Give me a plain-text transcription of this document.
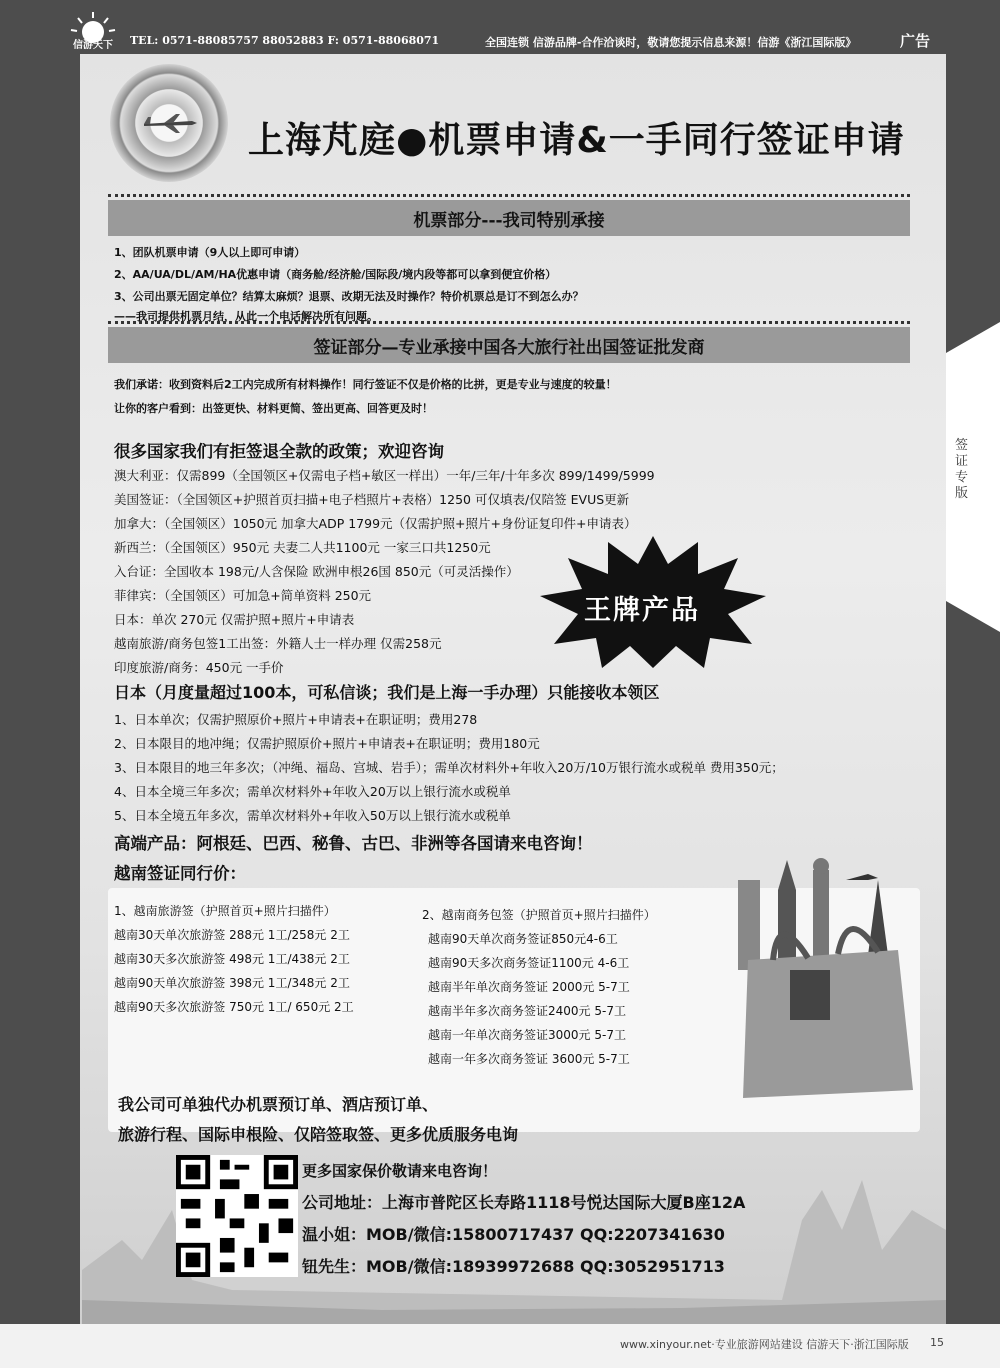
信游天下	TEL: 0571-88085757 88052883 F: 0571-88068071	全国连锁 信游品牌-合作洽谈时，敬请您提示信息来源！信游《浙江国际版》	广告
签证专版
www.xinyour.net·专业旅游网站建设 信游天下·浙江国际版 15
上海芃庭●机票申请&一手同行签证申请
机票部分---我司特别承接
1、团队机票申请（9人以上即可申请）
2、AA/UA/DL/AM/HA优惠申请（商务舱/经济舱/国际段/境内段等都可以拿到便宜价格）
3、公司出票无固定单位？结算太麻烦？退票、改期无法及时操作？特价机票总是订不到怎么办？
——我司提供机票月结，从此一个电话解决所有问题。
签证部分—专业承接中国各大旅行社出国签证批发商
我们承诺：收到资料后2工内完成所有材料操作！同行签证不仅是价格的比拼，更是专业与速度的较量！
让你的客户看到：出签更快、材料更简、签出更高、回答更及时！
很多国家我们有拒签退全款的政策；欢迎咨询
澳大利亚：仅需899（全国领区+仅需电子档+敏区一样出）一年/三年/十年多次 899/1499/5999
美国签证：（全国领区+护照首页扫描+电子档照片+表格）1250 可仅填表/仅陪签 EVUS更新
加拿大：（全国领区）1050元 加拿大ADP 1799元（仅需护照+照片+身份证复印件+申请表）
新西兰：（全国领区）950元 夫妻二人共1100元 一家三口共1250元
入台证：全国收本 198元/人含保险 欧洲申根26国 850元（可灵活操作）
菲律宾：（全国领区）可加急+简单资料 250元
日本：单次 270元 仅需护照+照片+申请表
越南旅游/商务包签1工出签：外籍人士一样办理 仅需258元
印度旅游/商务：450元 一手价
王牌产品
日本（月度量超过100本，可私信谈；我们是上海一手办理）只能接收本领区
1、日本单次；仅需护照原价+照片+申请表+在职证明；费用278
2、日本限目的地冲绳；仅需护照原价+照片+申请表+在职证明；费用180元
3、日本限目的地三年多次；（冲绳、福岛、宫城、岩手）；需单次材料外+年收入20万/10万银行流水或税单 费用350元；
4、日本全境三年多次；需单次材料外+年收入20万以上银行流水或税单
5、日本全境五年多次，需单次材料外+年收入50万以上银行流水或税单
高端产品：阿根廷、巴西、秘鲁、古巴、非洲等各国请来电咨询！
越南签证同行价：
1、越南旅游签（护照首页+照片扫描件）
越南30天单次旅游签 288元 1工/258元 2工
越南30天多次旅游签 498元 1工/438元 2工
越南90天单次旅游签 398元 1工/348元 2工
越南90天多次旅游签 750元 1工/ 650元 2工
2、越南商务包签（护照首页+照片扫描件）
越南90天单次商务签证850元4-6工
越南90天多次商务签证1100元 4-6工
越南半年单次商务签证 2000元 5-7工
越南半年多次商务签证2400元 5-7工
越南一年单次商务签证3000元 5-7工
越南一年多次商务签证 3600元 5-7工
我公司可单独代办机票预订单、酒店预订单、
旅游行程、国际申根险、仅陪签取签、更多优质服务电询
更多国家保价敬请来电咨询！
公司地址：上海市普陀区长寿路1118号悦达国际大厦B座12A
温小姐：MOB/微信:15800717437 QQ:2207341630
钮先生：MOB/微信:18939972688 QQ:3052951713
